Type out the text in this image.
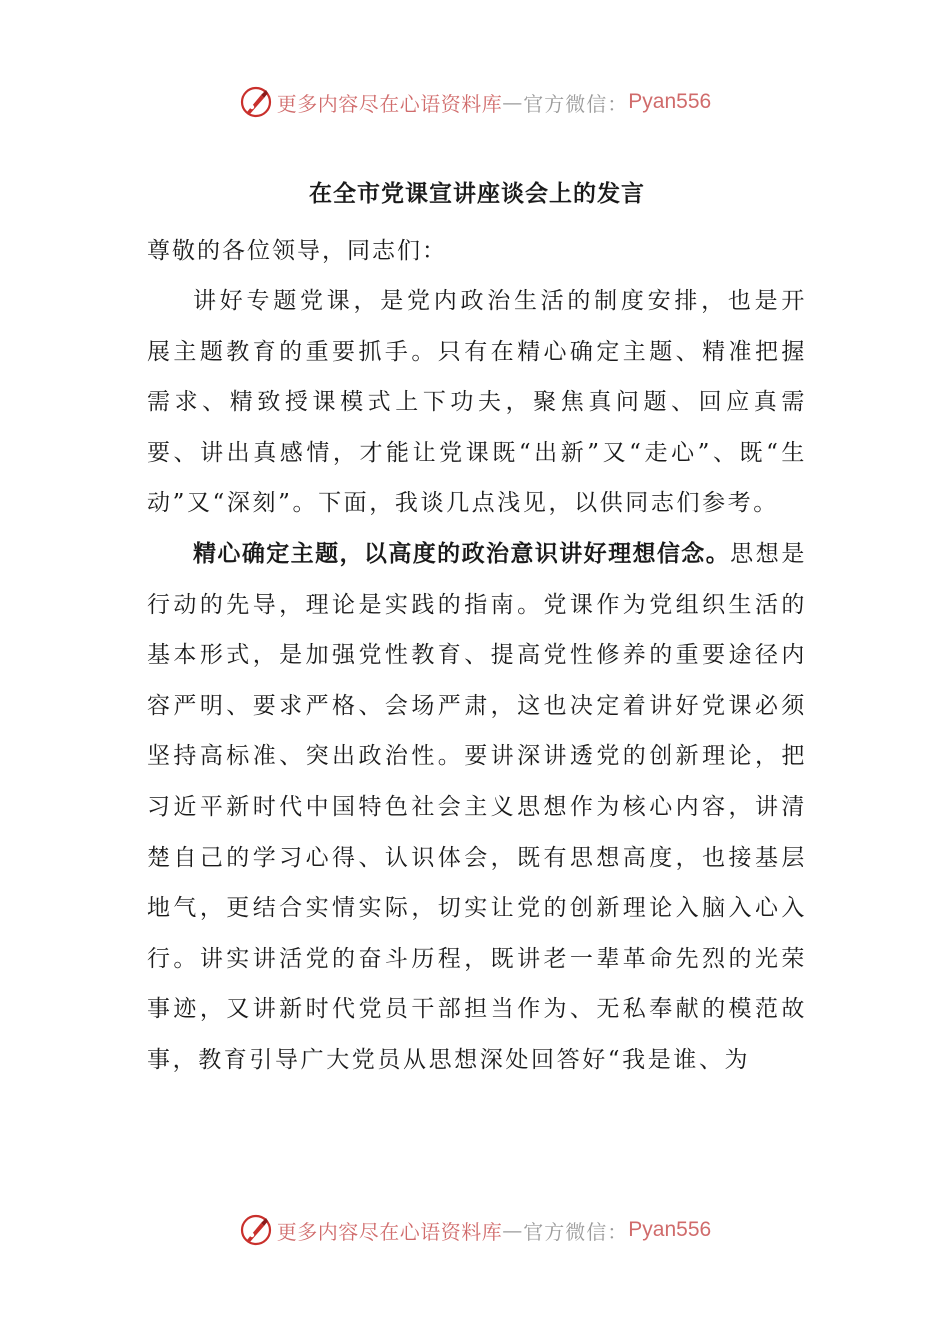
更多内容尽在心语资料库 — 官方微信： Pyan556
在全市党课宣讲座谈会上的发言

尊敬的各位领导，同志们：

讲好专题党课，是党内政治生活的制度安排，也是开展主题教育的重要抓手。只有在精心确定主题、精准把握需求、精致授课模式上下功夫，聚焦真问题、回应真需要、讲出真感情，才能让党课既“出新”又“走心”、既“生动”又“深刻”。下面，我谈几点浅见，以供同志们参考。

精心确定主题，以高度的政治意识讲好理想信念。思想是行动的先导，理论是实践的指南。党课作为党组织生活的基本形式，是加强党性教育、提高党性修养的重要途径内容严明、要求严格、会场严肃，这也决定着讲好党课必须坚持高标准、突出政治性。要讲深讲透党的创新理论，把习近平新时代中国特色社会主义思想作为核心内容，讲清楚自己的学习心得、认识体会，既有思想高度，也接基层地气，更结合实情实际，切实让党的创新理论入脑入心入行。讲实讲活党的奋斗历程，既讲老一辈革命先烈的光荣事迹，又讲新时代党员干部担当作为、无私奉献的模范故事，教育引导广大党员从思想深处回答好“我是谁、为

更多内容尽在心语资料库 — 官方微信： Pyan556
